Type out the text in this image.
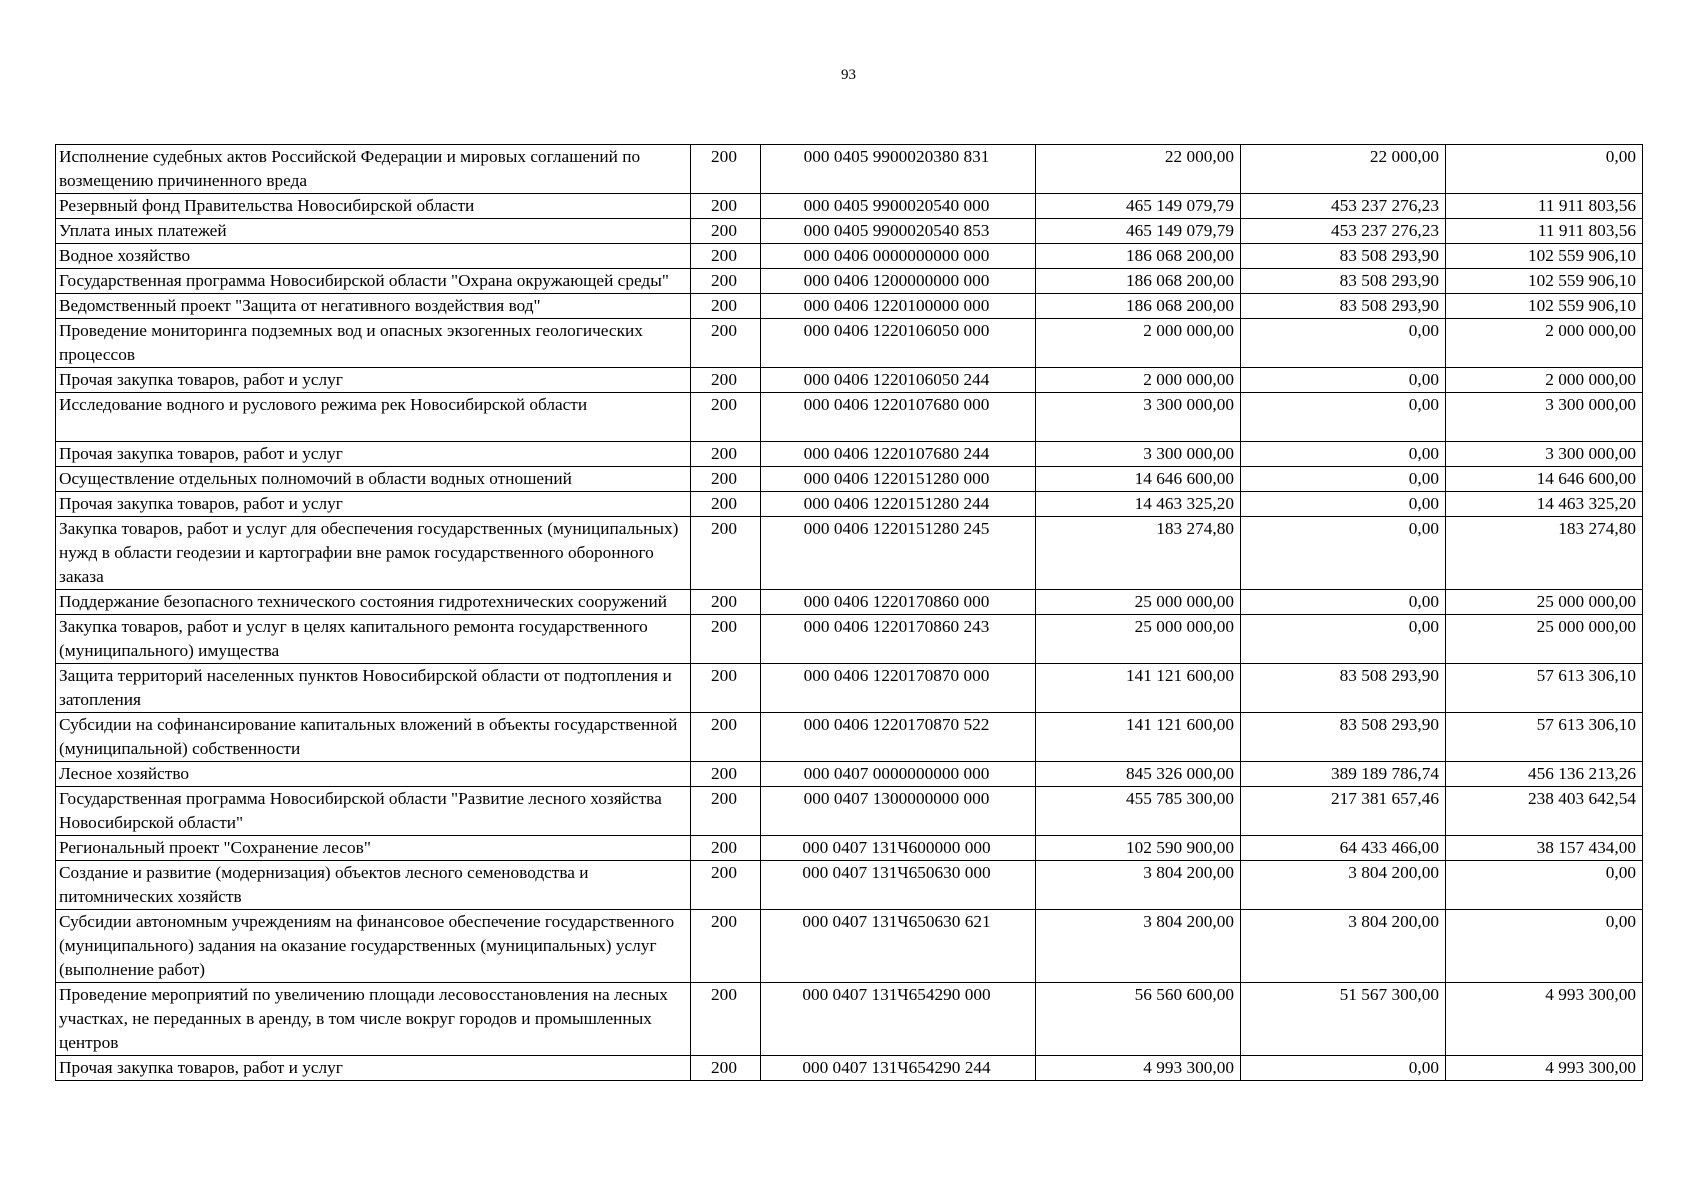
93
Исполнение судебных актов Российской Федерации и мировых соглашений по возмещению причиненного вреда	200	000 0405 9900020380 831	22 000,00	22 000,00	0,00
Резервный фонд Правительства Новосибирской области	200	000 0405 9900020540 000	465 149 079,79	453 237 276,23	11 911 803,56
Уплата иных платежей	200	000 0405 9900020540 853	465 149 079,79	453 237 276,23	11 911 803,56
Водное хозяйство	200	000 0406 0000000000 000	186 068 200,00	83 508 293,90	102 559 906,10
Государственная программа Новосибирской области "Охрана окружающей среды"	200	000 0406 1200000000 000	186 068 200,00	83 508 293,90	102 559 906,10
Ведомственный проект "Защита от негативного воздействия вод"	200	000 0406 1220100000 000	186 068 200,00	83 508 293,90	102 559 906,10
Проведение мониторинга подземных вод и опасных экзогенных геологических процессов	200	000 0406 1220106050 000	2 000 000,00	0,00	2 000 000,00
Прочая закупка товаров, работ и услуг	200	000 0406 1220106050 244	2 000 000,00	0,00	2 000 000,00
Исследование водного и руслового режима рек Новосибирской области	200	000 0406 1220107680 000	3 300 000,00	0,00	3 300 000,00
Прочая закупка товаров, работ и услуг	200	000 0406 1220107680 244	3 300 000,00	0,00	3 300 000,00
Осуществление отдельных полномочий в области водных отношений	200	000 0406 1220151280 000	14 646 600,00	0,00	14 646 600,00
Прочая закупка товаров, работ и услуг	200	000 0406 1220151280 244	14 463 325,20	0,00	14 463 325,20
Закупка товаров, работ и услуг для обеспечения государственных (муниципальных) нужд в области геодезии и картографии вне рамок государственного оборонного заказа	200	000 0406 1220151280 245	183 274,80	0,00	183 274,80
Поддержание безопасного технического состояния гидротехнических сооружений	200	000 0406 1220170860 000	25 000 000,00	0,00	25 000 000,00
Закупка товаров, работ и услуг в целях капитального ремонта государственного (муниципального) имущества	200	000 0406 1220170860 243	25 000 000,00	0,00	25 000 000,00
Защита территорий населенных пунктов Новосибирской области от подтопления и затопления	200	000 0406 1220170870 000	141 121 600,00	83 508 293,90	57 613 306,10
Субсидии на софинансирование капитальных вложений в объекты государственной (муниципальной) собственности	200	000 0406 1220170870 522	141 121 600,00	83 508 293,90	57 613 306,10
Лесное хозяйство	200	000 0407 0000000000 000	845 326 000,00	389 189 786,74	456 136 213,26
Государственная программа Новосибирской области "Развитие лесного хозяйства Новосибирской области"	200	000 0407 1300000000 000	455 785 300,00	217 381 657,46	238 403 642,54
Региональный проект "Сохранение лесов"	200	000 0407 131Ч600000 000	102 590 900,00	64 433 466,00	38 157 434,00
Создание и развитие (модернизация) объектов лесного семеноводства и питомнических хозяйств	200	000 0407 131Ч650630 000	3 804 200,00	3 804 200,00	0,00
Субсидии автономным учреждениям на финансовое обеспечение государственного (муниципального) задания на оказание государственных (муниципальных) услуг (выполнение работ)	200	000 0407 131Ч650630 621	3 804 200,00	3 804 200,00	0,00
Проведение мероприятий по увеличению площади лесовосстановления на лесных участках, не переданных в аренду, в том числе вокруг городов и промышленных центров	200	000 0407 131Ч654290 000	56 560 600,00	51 567 300,00	4 993 300,00
Прочая закупка товаров, работ и услуг	200	000 0407 131Ч654290 244	4 993 300,00	0,00	4 993 300,00
